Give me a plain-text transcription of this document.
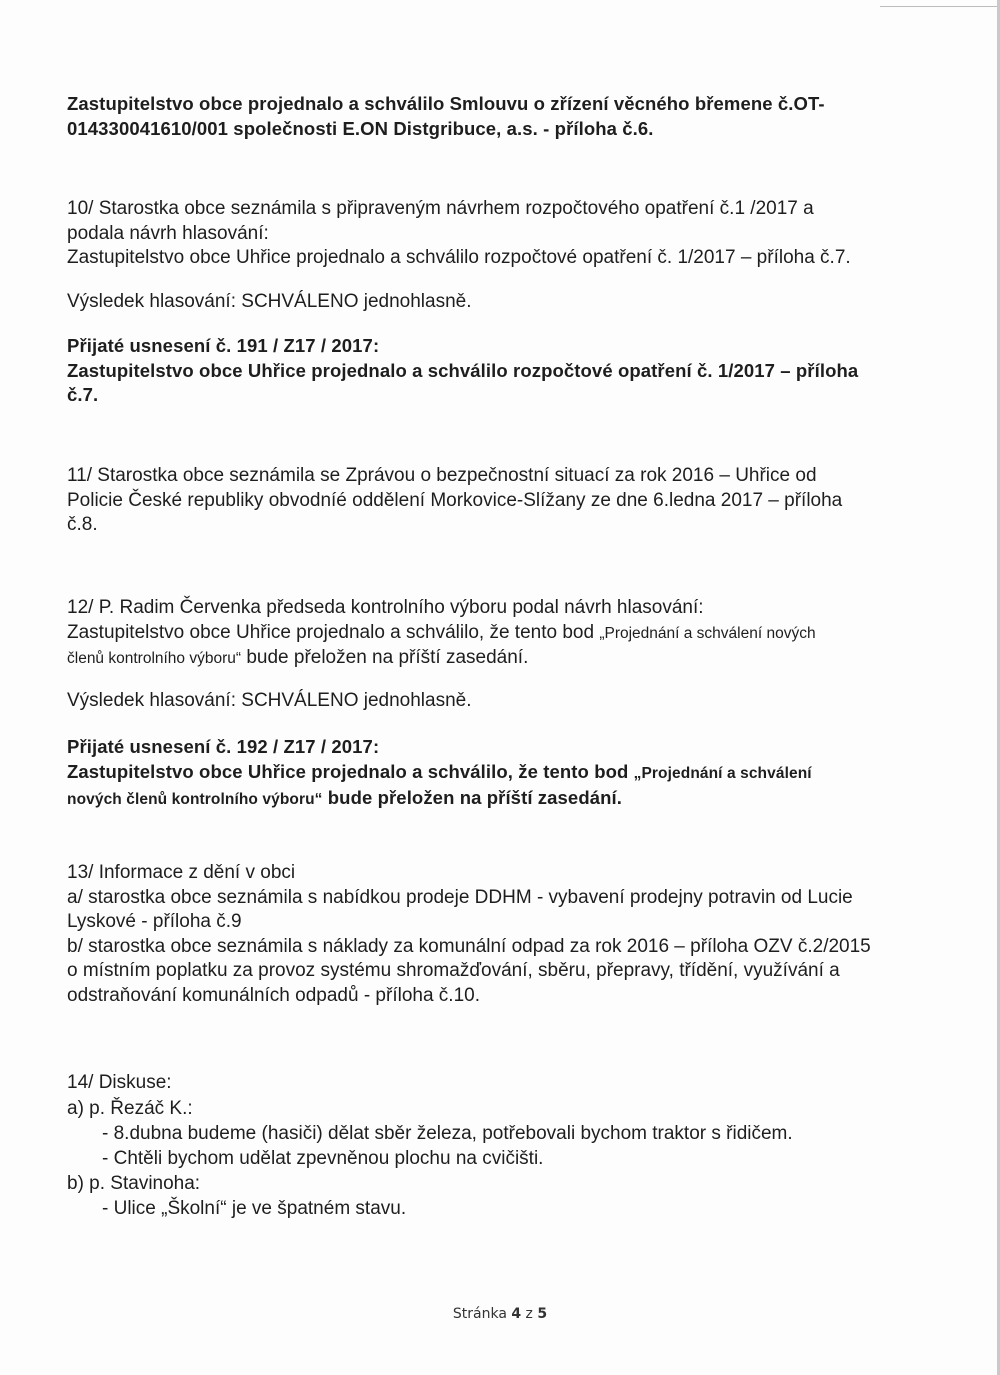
Zastupitelstvo obce projednalo a schválilo Smlouvu o zřízení věcného břemene č.OT-
014330041610/001 společnosti E.ON Distgribuce, a.s. - příloha č.6.
10/ Starostka obce seznámila s připraveným návrhem rozpočtového opatření č.1 /2017 a
podala návrh hlasování:
Zastupitelstvo obce Uhřice projednalo a schválilo rozpočtové opatření č. 1/2017 – příloha č.7.
Výsledek hlasování: SCHVÁLENO jednohlasně.
Přijaté usnesení č. 191 / Z17 / 2017:
Zastupitelstvo obce Uhřice projednalo a schválilo rozpočtové opatření č. 1/2017 – příloha
č.7.
11/ Starostka obce seznámila se Zprávou o bezpečnostní situací za rok 2016 – Uhřice od
Policie České republiky obvodníé oddělení Morkovice-Slížany ze dne 6.ledna 2017 – příloha
č.8.
12/ P. Radim Červenka předseda kontrolního výboru podal návrh hlasování:
Zastupitelstvo obce Uhřice projednalo a schválilo, že tento bod „Projednání a schválení nových
členů kontrolního výboru“ bude přeložen na příští zasedání.
Výsledek hlasování: SCHVÁLENO jednohlasně.
Přijaté usnesení č. 192 / Z17 / 2017:
Zastupitelstvo obce Uhřice projednalo a schválilo, že tento bod „Projednání a schválení
nových členů kontrolního výboru“ bude přeložen na příští zasedání.
13/ Informace z dění v obci
a/ starostka obce seznámila s nabídkou prodeje DDHM - vybavení prodejny potravin od Lucie
Lyskové - příloha č.9
b/ starostka obce seznámila s náklady za komunální odpad za rok 2016 – příloha OZV č.2/2015
o místním poplatku za provoz systému shromažďování, sběru, přepravy, třídění, využívání a
odstraňování komunálních odpadů - příloha č.10.
14/ Diskuse:
a) p. Řezáč K.:
- 8.dubna budeme (hasiči) dělat sběr železa, potřebovali bychom traktor s řidičem.
- Chtěli bychom udělat zpevněnou plochu na cvičišti.
b) p. Stavinoha:
- Ulice „Školní“ je ve špatném stavu.
Stránka 4 z 5
